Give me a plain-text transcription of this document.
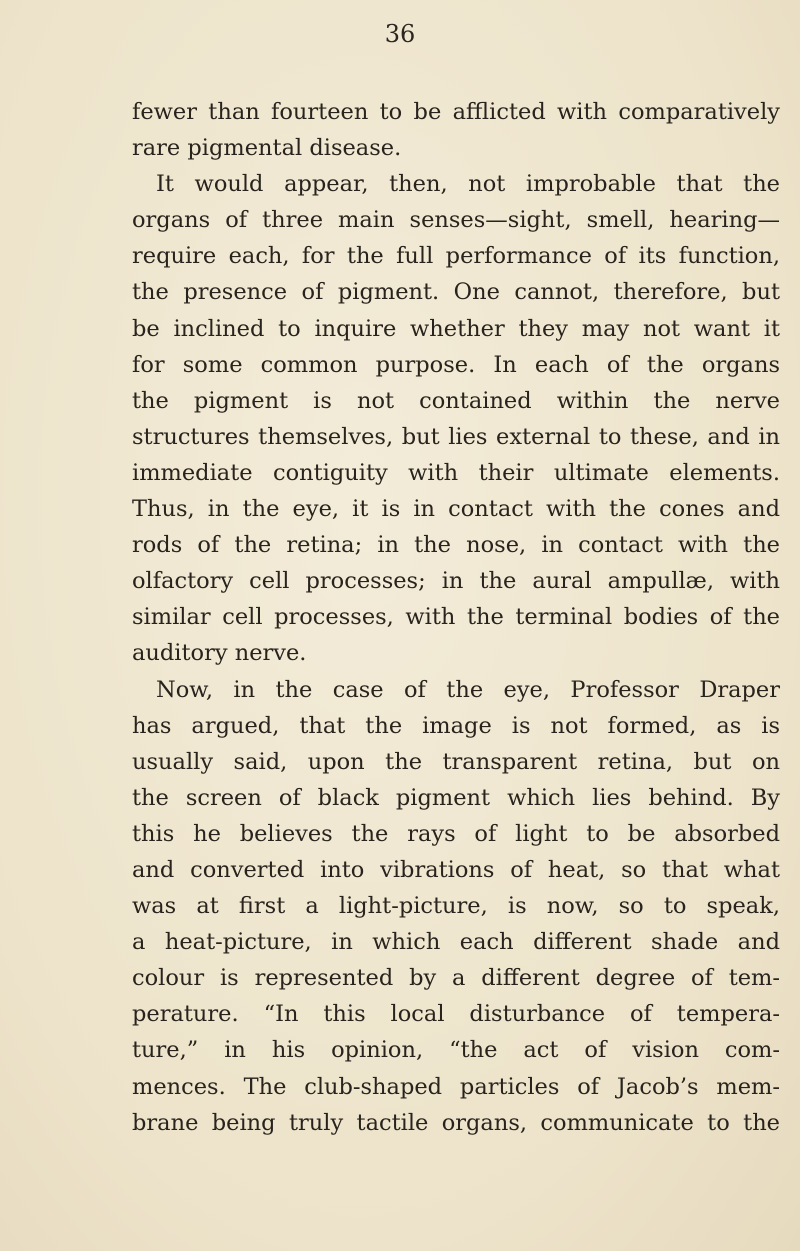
36
fewer than fourteen to be afflicted with comparatively
rare pigmental disease.
It would appear, then, not improbable that the
organs of three main senses—sight, smell, hearing—
require each, for the full performance of its function,
the presence of pigment. One cannot, therefore, but
be inclined to inquire whether they may not want it
for some common purpose. In each of the organs
the pigment is not contained within the nerve
structures themselves, but lies external to these, and in
immediate contiguity with their ultimate elements.
Thus, in the eye, it is in contact with the cones and
rods of the retina; in the nose, in contact with the
olfactory cell processes; in the aural ampullæ, with
similar cell processes, with the terminal bodies of the
auditory nerve.
Now, in the case of the eye, Professor Draper
has argued, that the image is not formed, as is
usually said, upon the transparent retina, but on
the screen of black pigment which lies behind. By
this he believes the rays of light to be absorbed
and converted into vibrations of heat, so that what
was at first a light-picture, is now, so to speak,
a heat-picture, in which each different shade and
colour is represented by a different degree of tem-
perature. “In this local disturbance of tempera-
ture,” in his opinion, “the act of vision com-
mences. The club-shaped particles of Jacob’s mem-
brane being truly tactile organs, communicate to the
